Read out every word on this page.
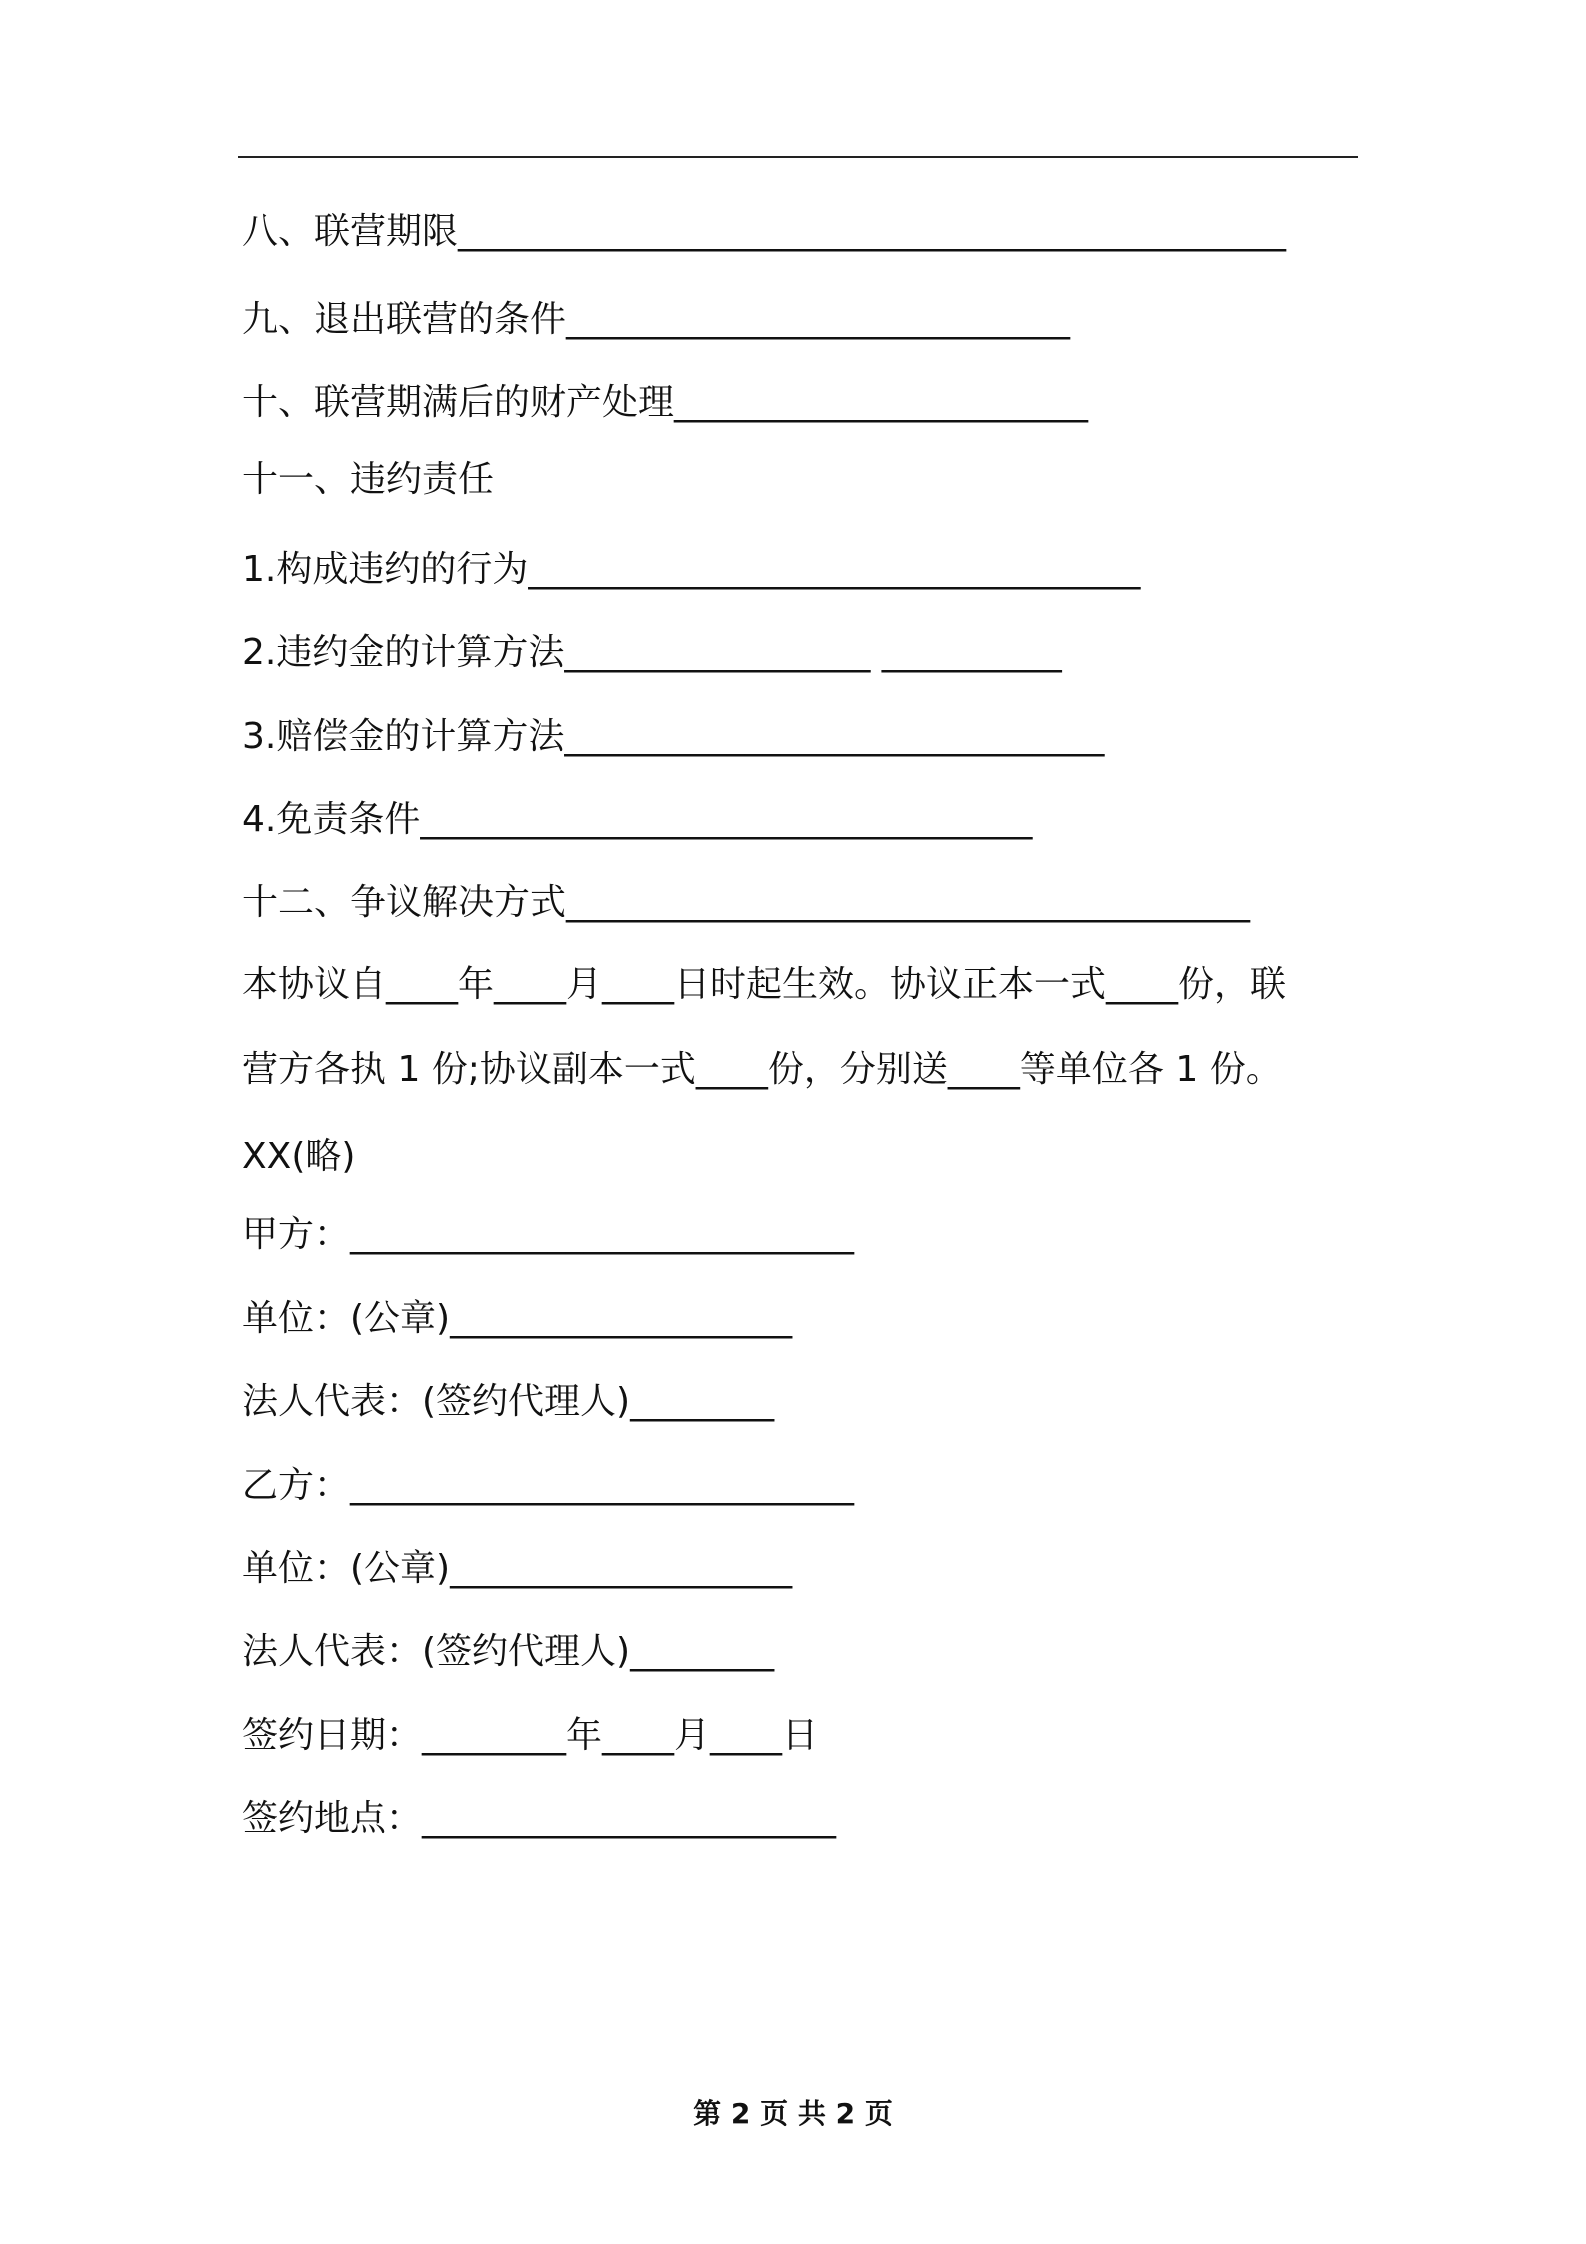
八、联营期限______________________________________________
九、退出联营的条件____________________________
十、联营期满后的财产处理_______________________
十一、违约责任
1.构成违约的行为__________________________________
2.违约金的计算方法_________________ __________
3.赔偿金的计算方法______________________________
4.免责条件__________________________________
十二、争议解决方式______________________________________
本协议自____年____月____日时起生效。协议正本一式____份，联
营方各执 1 份;协议副本一式____份，分别送____等单位各 1 份。
XX(略)
甲方：____________________________
单位：(公章)___________________
法人代表：(签约代理人)________
乙方：____________________________
单位：(公章)___________________
法人代表：(签约代理人)________
签约日期：________年____月____日
签约地点：_______________________
第 2 页 共 2 页
